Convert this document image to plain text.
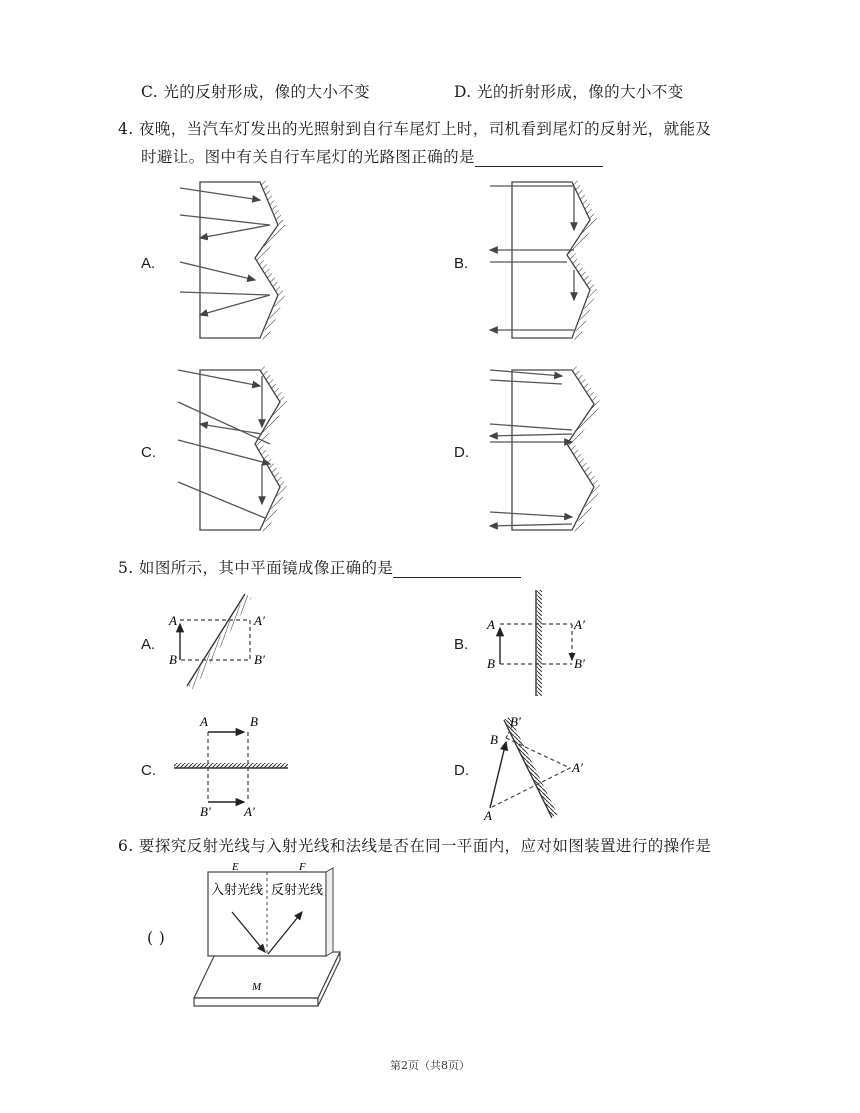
C. 光的反射形成，像的大小不变	D. 光的折射形成，像的大小不变
4. 夜晚，当汽车灯发出的光照射到自行车尾灯上时，司机看到尾灯的反射光，就能及
时避让。图中有关自行车尾灯的光路图正确的是
A.	B.
C.	D.
5. 如图所示，其中平面镜成像正确的是
A.	B.
C.	D.
A
B
A′
B′
A
B
A′
B′
A	B
B′	A′
B′
B
A′
A
6. 要探究反射光线与入射光线和法线是否在同一平面内，应对如图装置进行的操作是
( )
E	F
M
入射光线 反射光线
第2页（共8页）
